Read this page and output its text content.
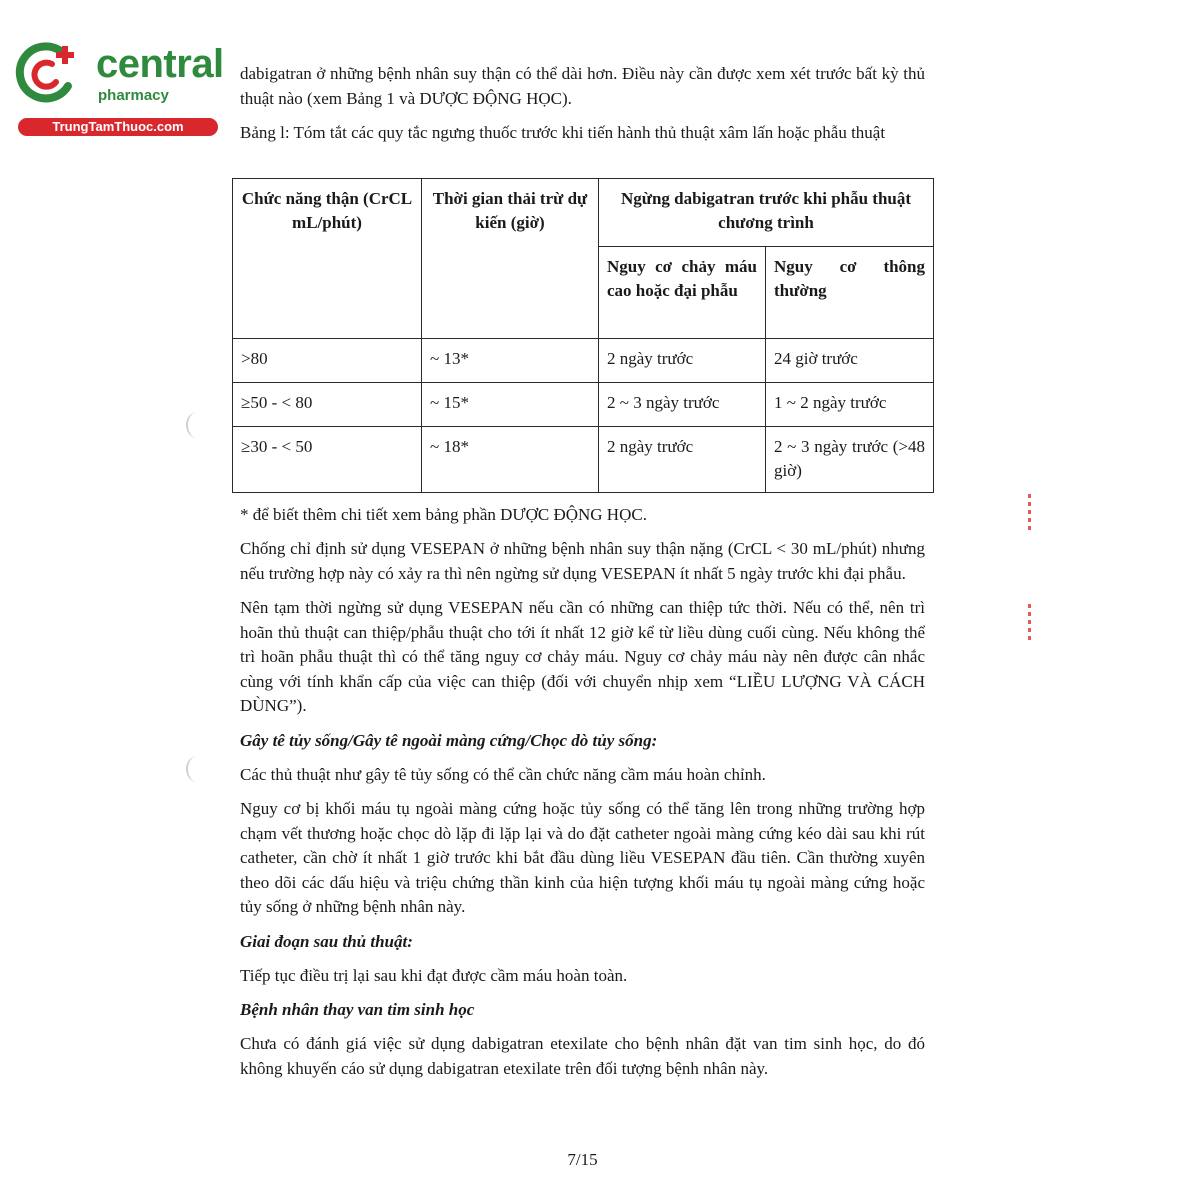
central
pharmacy
TrungTamThuoc.com

dabigatran ở những bệnh nhân suy thận có thể dài hơn. Điều này cần được xem xét trước bất kỳ thủ thuật nào (xem Bảng 1 và DƯỢC ĐỘNG HỌC).

Bảng l: Tóm tắt các quy tắc ngưng thuốc trước khi tiến hành thủ thuật xâm lấn hoặc phẫu thuật

Chức năng thận (CrCL mL/phút)	Thời gian thải trừ dự kiến (giờ)	Ngừng dabigatran trước khi phẫu thuật chương trình	
		Nguy cơ chảy máu cao hoặc đại phẫu	Nguy cơ thông thường
>80	~ 13*	2 ngày trước	24 giờ trước
≥50 - < 80	~ 15*	2 ~ 3 ngày trước	1 ~ 2 ngày trước
≥30 - < 50	~ 18*	2 ngày trước	2 ~ 3 ngày trước (>48 giờ)
* để biết thêm chi tiết xem bảng phần DƯỢC ĐỘNG HỌC.

Chống chỉ định sử dụng VESEPAN ở những bệnh nhân suy thận nặng (CrCL < 30 mL/phút) nhưng nếu trường hợp này có xảy ra thì nên ngừng sử dụng VESEPAN ít nhất 5 ngày trước khi đại phẫu.

Nên tạm thời ngừng sử dụng VESEPAN nếu cần có những can thiệp tức thời. Nếu có thể, nên trì hoãn thủ thuật can thiệp/phẫu thuật cho tới ít nhất 12 giờ kể từ liều dùng cuối cùng. Nếu không thể trì hoãn phẫu thuật thì có thể tăng nguy cơ chảy máu. Nguy cơ chảy máu này nên được cân nhắc cùng với tính khẩn cấp của việc can thiệp (đối với chuyển nhịp xem “LIỀU LƯỢNG VÀ CÁCH DÙNG”).

Gây tê tủy sống/Gây tê ngoài màng cứng/Chọc dò tủy sống:

Các thủ thuật như gây tê tủy sống có thể cần chức năng cầm máu hoàn chỉnh.

Nguy cơ bị khối máu tụ ngoài màng cứng hoặc tủy sống có thể tăng lên trong những trường hợp chạm vết thương hoặc chọc dò lặp đi lặp lại và do đặt catheter ngoài màng cứng kéo dài sau khi rút catheter, cần chờ ít nhất 1 giờ trước khi bắt đầu dùng liều VESEPAN đầu tiên. Cần thường xuyên theo dõi các dấu hiệu và triệu chứng thần kinh của hiện tượng khối máu tụ ngoài màng cứng hoặc tủy sống ở những bệnh nhân này.

Giai đoạn sau thủ thuật:

Tiếp tục điều trị lại sau khi đạt được cầm máu hoàn toàn.

Bệnh nhân thay van tim sinh học

Chưa có đánh giá việc sử dụng dabigatran etexilate cho bệnh nhân đặt van tim sinh học, do đó không khuyến cáo sử dụng dabigatran etexilate trên đối tượng bệnh nhân này.

7/15
